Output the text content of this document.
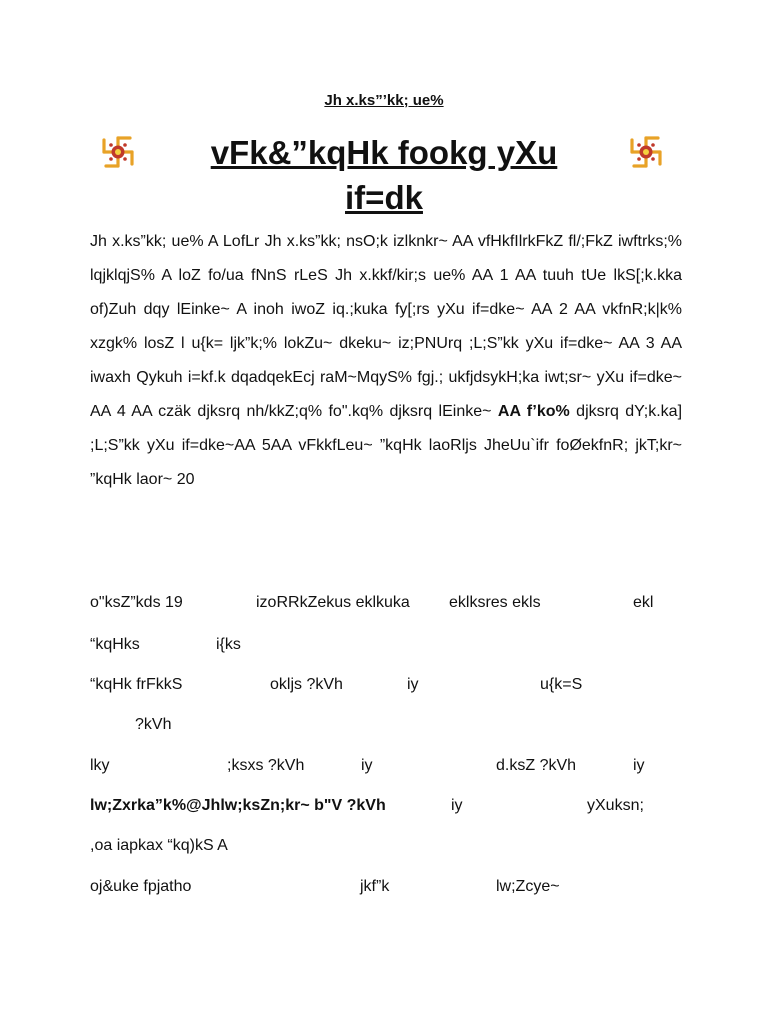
Jh x.ks”’kk; ue%
vFk&”kqHk fookg yXu
if=dk

Jh x.ks”kk; ue% A LofLr Jh x.ks”kk; nsO;k izlknkr~ AA vfHkfIlrkFkZ fl/;FkZ iwftrks;% lqjklqjS% A loZ fo/ua fNnS rLeS Jh x.kkf/kir;s ue% AA 1 AA tuuh tUe lkS[;k.kka of)Zuh dqy lEinke~ A inoh iwoZ iq.;kuka fy[;rs yXu if=dke~ AA 2 AA vkfnR;k|k% xzgk% losZ l u{k= ljk”k;% lokZu~ dkeku~ iz;PNUrq ;L;S”kk yXu if=dke~ AA 3 AA iwaxh Qykuh i=kf.k dqadqekEcj raM~MqyS% fgj.; ukfjdsykH;ka iwt;sr~ yXu if=dke~ AA 4 AA czäk djksrq nh/kkZ;q% fo".kq% djksrq lEinke~ AA f’ko% djksrq dY;k.ka] ;L;S”kk yXu if=dke~AA 5AA vFkkfLeu~ ”kqHk laoRljs JheUu`ifr foØekfnR; jkT;kr~ ”kqHk laor~ 20

o"ksZ”kds 19	izoRRkZekus eklkuka eklksres ekls	ekl
“kqHks	i{ks
“kqHk frFkkS	okljs ?kVh	iy	u{k=S
?kVh
lky	;ksxs ?kVh	iy	d.ksZ ?kVh	iy
lw;Zxrka”k%@Jhlw;ksZn;kr~ b"V ?kVh	iy	yXuksn;
,oa iapkax “kq)kS A
oj&uke fpjatho	jkf”k	lw;Zcye~
